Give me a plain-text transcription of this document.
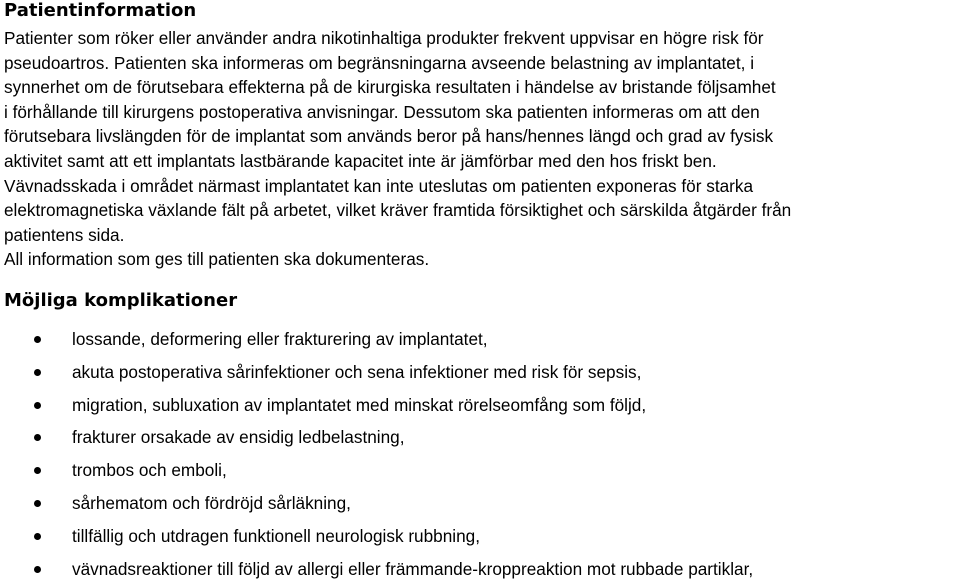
Patientinformation
Patienter som röker eller använder andra nikotinhaltiga produkter frekvent uppvisar en högre risk för
pseudoartros. Patienten ska informeras om begränsningarna avseende belastning av implantatet, i
synnerhet om de förutsebara effekterna på de kirurgiska resultaten i händelse av bristande följsamhet
i förhållande till kirurgens postoperativa anvisningar. Dessutom ska patienten informeras om att den
förutsebara livslängden för de implantat som används beror på hans/hennes längd och grad av fysisk
aktivitet samt att ett implantats lastbärande kapacitet inte är jämförbar med den hos friskt ben.
Vävnadsskada i området närmast implantatet kan inte uteslutas om patienten exponeras för starka
elektromagnetiska växlande fält på arbetet, vilket kräver framtida försiktighet och särskilda åtgärder från
patientens sida.
All information som ges till patienten ska dokumenteras.
Möjliga komplikationer
lossande, deformering eller frakturering av implantatet,
akuta postoperativa sårinfektioner och sena infektioner med risk för sepsis,
migration, subluxation av implantatet med minskat rörelseomfång som följd,
frakturer orsakade av ensidig ledbelastning,
trombos och emboli,
sårhematom och fördröjd sårläkning,
tillfällig och utdragen funktionell neurologisk rubbning,
vävnadsreaktioner till följd av allergi eller främmande-kroppreaktion mot rubbade partiklar,
